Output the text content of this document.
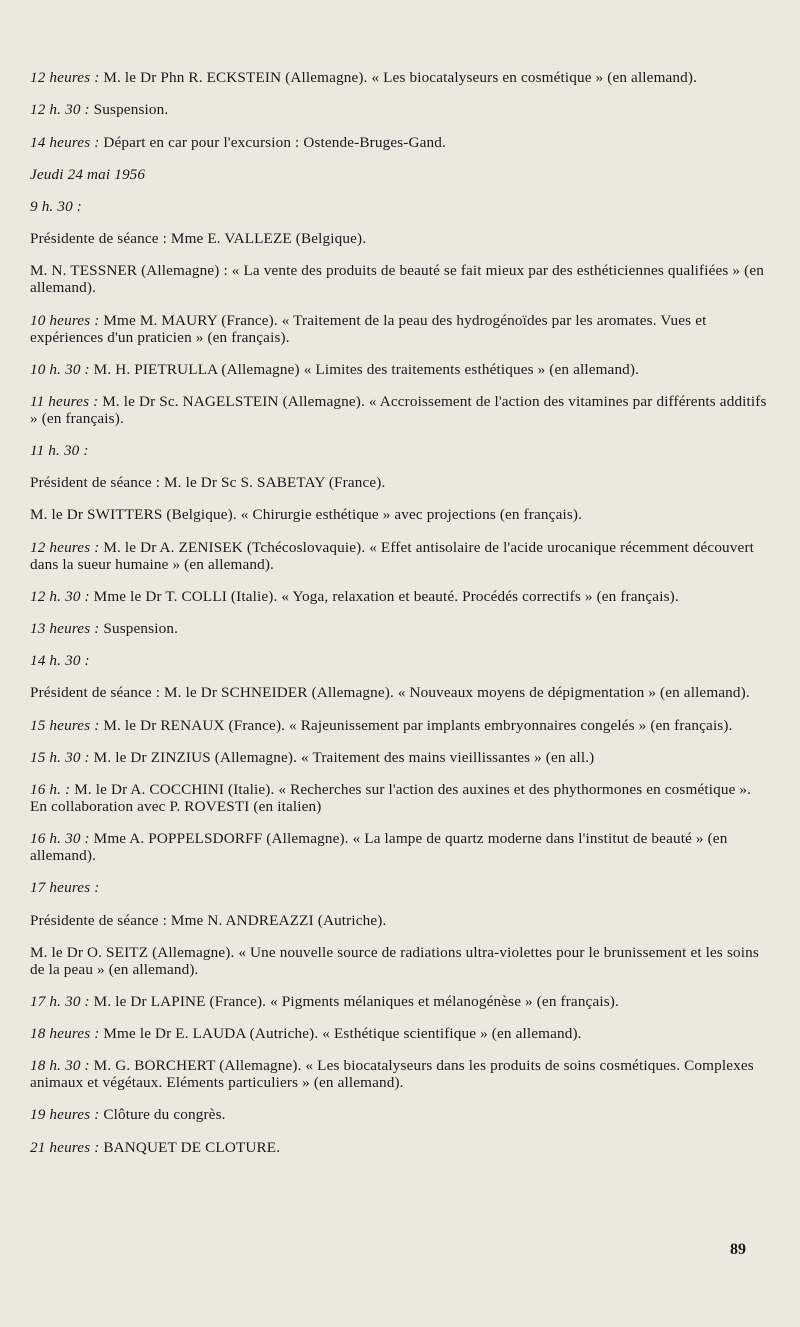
12 heures : M. le Dr Phn R. ECKSTEIN (Allemagne). « Les biocatalyseurs en cosmétique » (en allemand).

12 h. 30 : Suspension.

14 heures : Départ en car pour l'excursion : Ostende-Bruges-Gand.

Jeudi 24 mai 1956

9 h. 30 :

Présidente de séance : Mme E. VALLEZE (Belgique).

M. N. TESSNER (Allemagne) : « La vente des produits de beauté se fait mieux par des esthéticiennes qualifiées » (en allemand).

10 heures : Mme M. MAURY (France). « Traitement de la peau des hydrogénoïdes par les aromates. Vues et expériences d'un praticien » (en français).

10 h. 30 : M. H. PIETRULLA (Allemagne) « Limites des traitements esthétiques » (en allemand).

11 heures : M. le Dr Sc. NAGELSTEIN (Allemagne). « Accroissement de l'action des vitamines par différents additifs » (en français).

11 h. 30 :

Président de séance : M. le Dr Sc S. SABETAY (France).

M. le Dr SWITTERS (Belgique). « Chirurgie esthétique » avec projections (en français).

12 heures : M. le Dr A. ZENISEK (Tchécoslovaquie). « Effet antisolaire de l'acide urocanique récemment découvert dans la sueur humaine » (en allemand).

12 h. 30 : Mme le Dr T. COLLI (Italie). « Yoga, relaxation et beauté. Procédés correctifs » (en français).

13 heures : Suspension.

14 h. 30 :

Président de séance : M. le Dr SCHNEIDER (Allemagne). « Nouveaux moyens de dépigmentation » (en allemand).

15 heures : M. le Dr RENAUX (France). « Rajeunissement par implants embryonnaires congelés » (en français).

15 h. 30 : M. le Dr ZINZIUS (Allemagne). « Traitement des mains vieillissantes » (en all.)

16 h. : M. le Dr A. COCCHINI (Italie). « Recherches sur l'action des auxines et des phythormones en cosmétique ». En collaboration avec P. ROVESTI (en italien)

16 h. 30 : Mme A. POPPELSDORFF (Allemagne). « La lampe de quartz moderne dans l'institut de beauté » (en allemand).

17 heures :

Présidente de séance : Mme N. ANDREAZZI (Autriche).

M. le Dr O. SEITZ (Allemagne). « Une nouvelle source de radiations ultra-violettes pour le brunissement et les soins de la peau » (en allemand).

17 h. 30 : M. le Dr LAPINE (France). « Pigments mélaniques et mélanogénèse » (en français).

18 heures : Mme le Dr E. LAUDA (Autriche). « Esthétique scientifique » (en allemand).

18 h. 30 : M. G. BORCHERT (Allemagne). « Les biocatalyseurs dans les produits de soins cosmétiques. Complexes animaux et végétaux. Eléments particuliers » (en allemand).

19 heures : Clôture du congrès.

21 heures : BANQUET DE CLOTURE.

89
